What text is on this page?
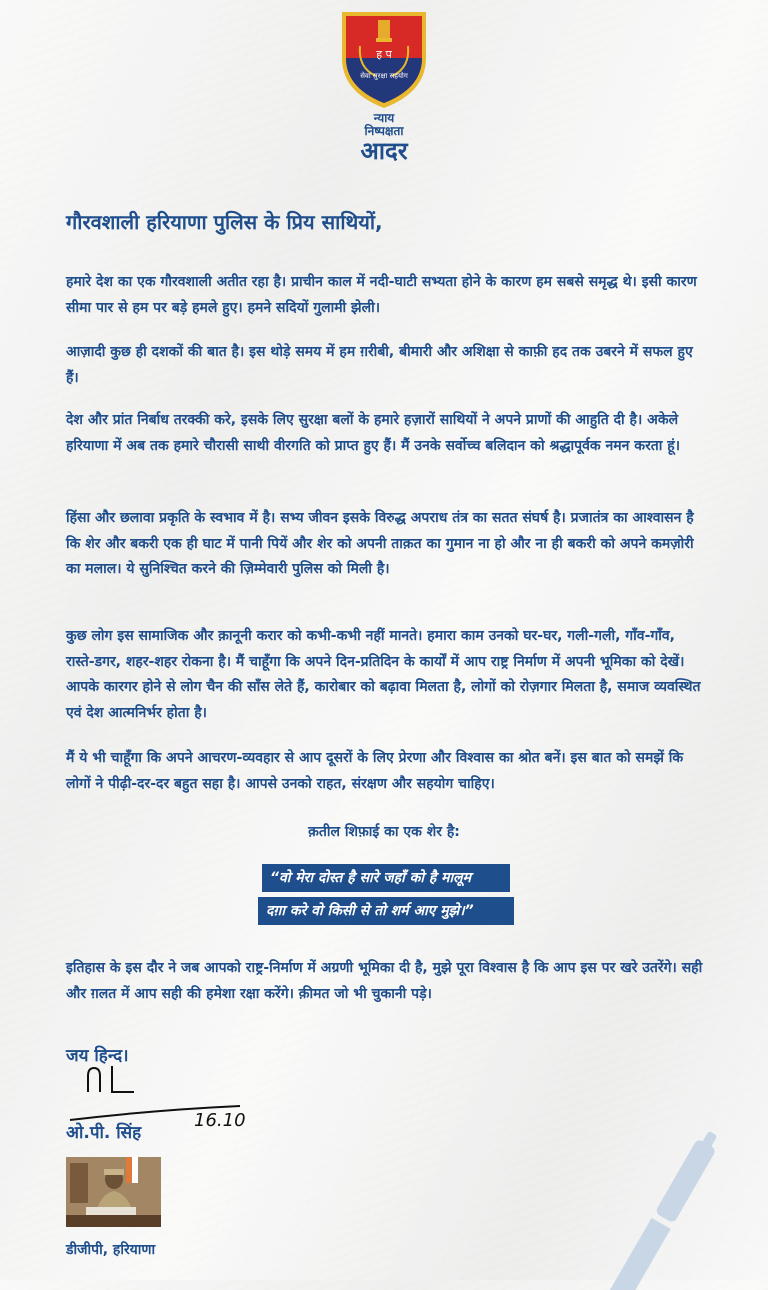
ह प
सेवा सुरक्षा सहयोग
न्याय
निष्पक्षता
आदर
गौरवशाली हरियाणा पुलिस के प्रिय साथियों,
हमारे देश का एक गौरवशाली अतीत रहा है। प्राचीन काल में नदी-घाटी सभ्यता होने के कारण हम सबसे समृद्ध थे। इसी कारण सीमा पार से हम पर बड़े हमले हुए। हमने सदियों गुलामी झेली।
आज़ादी कुछ ही दशकों की बात है। इस थोड़े समय में हम ग़रीबी, बीमारी और अशिक्षा से काफ़ी हद तक उबरने में सफल हुए हैं।
देश और प्रांत निर्बाध तरक्की करे, इसके लिए सुरक्षा बलों के हमारे हज़ारों साथियों ने अपने प्राणों की आहुति दी है। अकेले हरियाणा में अब तक हमारे चौरासी साथी वीरगति को प्राप्त हुए हैं। मैं उनके सर्वोच्च बलिदान को श्रद्धापूर्वक नमन करता हूं।
हिंसा और छलावा प्रकृति के स्वभाव में है। सभ्य जीवन इसके विरुद्ध अपराध तंत्र का सतत संघर्ष है। प्रजातंत्र का आश्वासन है कि शेर और बकरी एक ही घाट में पानी पियें और शेर को अपनी ताक़त का गुमान ना हो और ना ही बकरी को अपने कमज़ोरी का मलाल। ये सुनिश्चित करने की ज़िम्मेवारी पुलिस को मिली है।
कुछ लोग इस सामाजिक और क़ानूनी करार को कभी-कभी नहीं मानते। हमारा काम उनको घर-घर, गली-गली, गाँव-गाँव, रास्ते-डगर, शहर-शहर रोकना है। मैं चाहूँगा कि अपने दिन-प्रतिदिन के कार्यों में आप राष्ट्र निर्माण में अपनी भूमिका को देखें। आपके कारगर होने से लोग चैन की साँस लेते हैं, कारोबार को बढ़ावा मिलता है, लोगों को रोज़गार मिलता है, समाज व्यवस्थित एवं देश आत्मनिर्भर होता है।
मैं ये भी चाहूँगा कि अपने आचरण-व्यवहार से आप दूसरों के लिए प्रेरणा और विश्वास का श्रोत बनें। इस बात को समझें कि लोगों ने पीढ़ी-दर-दर बहुत सहा है। आपसे उनको राहत, संरक्षण और सहयोग चाहिए।
क़तील शिफ़ाई का एक शेर है:
“वो मेरा दोस्त है सारे जहाँ को है मालूम
दग़ा करे वो किसी से तो शर्म आए मुझे।”
इतिहास के इस दौर ने जब आपको राष्ट्र-निर्माण में अग्रणी भूमिका दी है, मुझे पूरा विश्वास है कि आप इस पर खरे उतरेंगे। सही और ग़लत में आप सही की हमेशा रक्षा करेंगे। क़ीमत जो भी चुकानी पड़े।
जय हिन्द।
16.10
ओ.पी. सिंह
डीजीपी, हरियाणा
